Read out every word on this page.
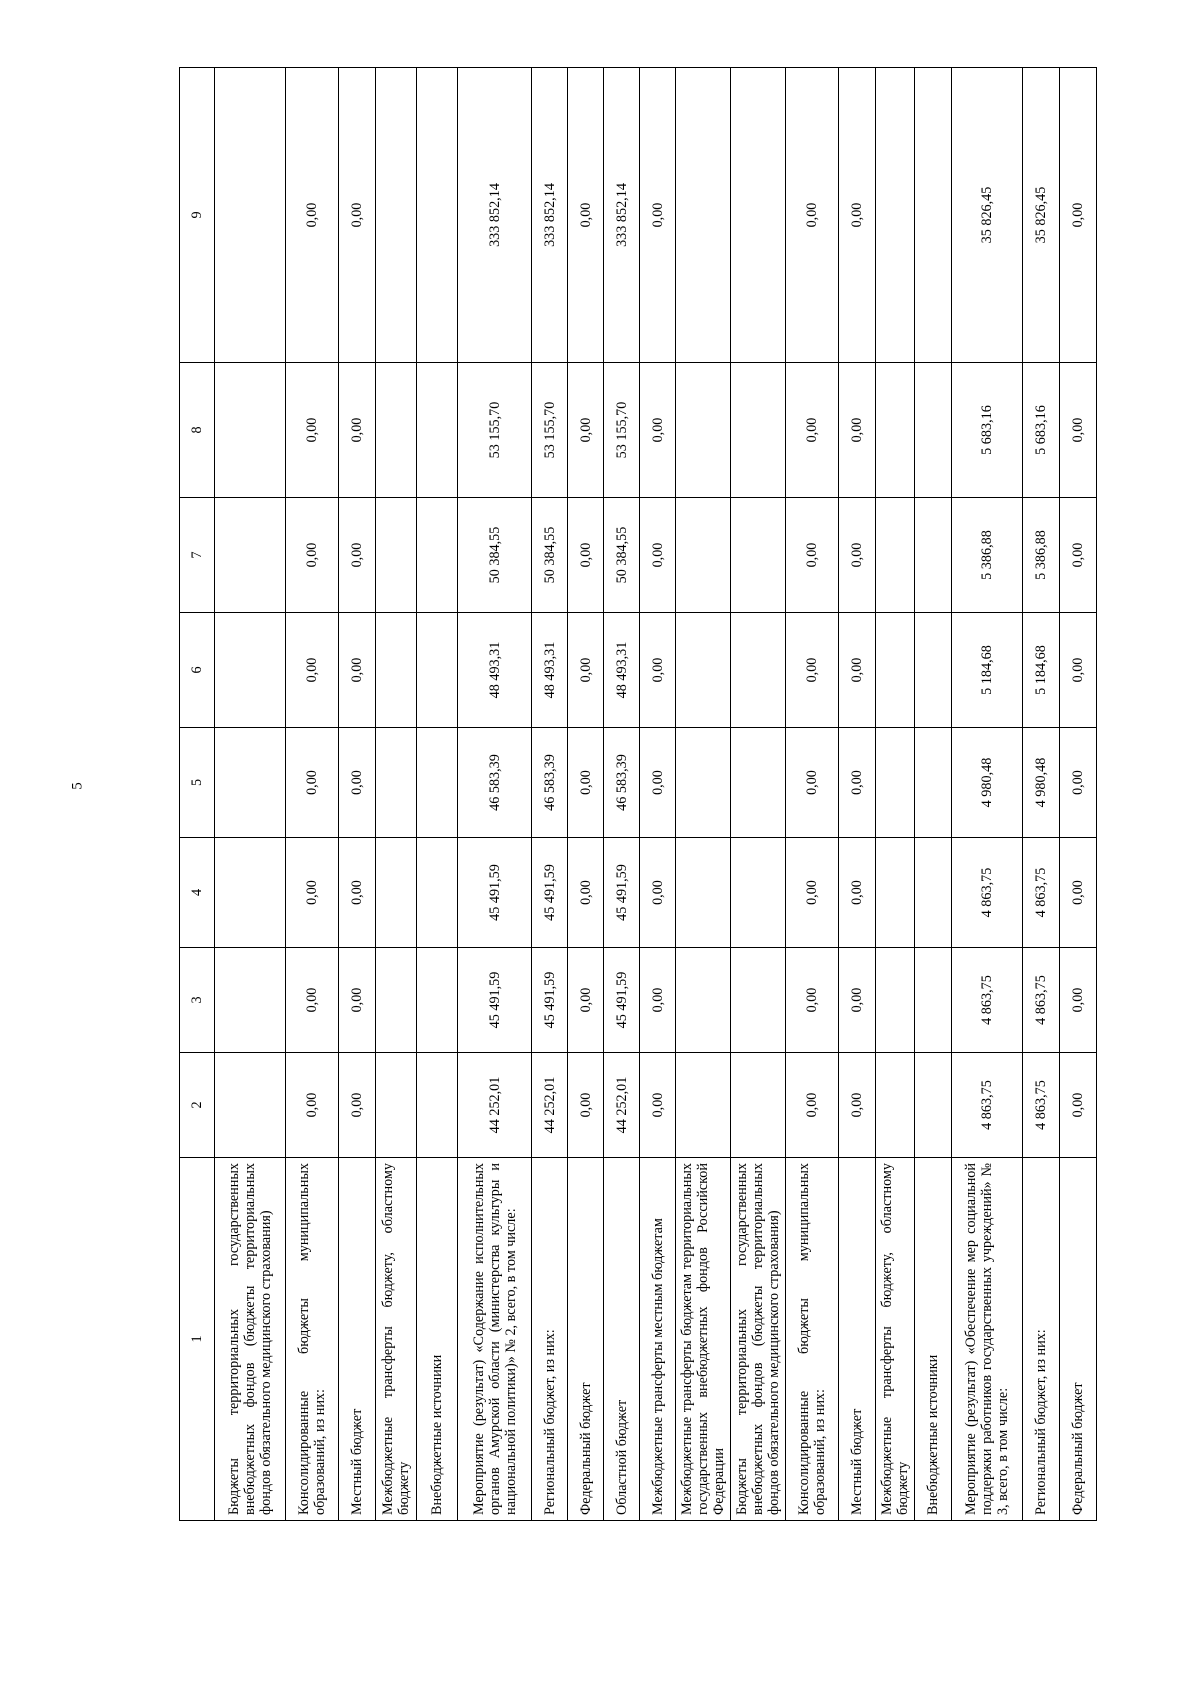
5
1	2	3	4	5	6	7	8	9
Бюджеты территориальных государственных внебюджетных фондов (бюджеты территориальных фондов обязательного медицинского страхования)								
Консолидированные бюджеты муниципальных образований, из них:	0,00	0,00	0,00	0,00	0,00	0,00	0,00	0,00
Местный бюджет	0,00	0,00	0,00	0,00	0,00	0,00	0,00	0,00
Межбюджетные трансферты бюджету, областному бюджету								
Внебюджетные источники								
Мероприятие (результат) «Содержание исполнительных органов Амурской области (министерства культуры и национальной политики)» № 2, всего, в том числе:	44 252,01	45 491,59	45 491,59	46 583,39	48 493,31	50 384,55	53 155,70	333 852,14
Региональный бюджет, из них:	44 252,01	45 491,59	45 491,59	46 583,39	48 493,31	50 384,55	53 155,70	333 852,14
Федеральный бюджет	0,00	0,00	0,00	0,00	0,00	0,00	0,00	0,00
Областной бюджет	44 252,01	45 491,59	45 491,59	46 583,39	48 493,31	50 384,55	53 155,70	333 852,14
Межбюджетные трансферты местным бюджетам	0,00	0,00	0,00	0,00	0,00	0,00	0,00	0,00
Межбюджетные трансферты бюджетам территориальных государственных внебюджетных фондов Российской Федерации								
Бюджеты территориальных государственных внебюджетных фондов (бюджеты территориальных фондов обязательного медицинского страхования)								
Консолидированные бюджеты муниципальных образований, из них:	0,00	0,00	0,00	0,00	0,00	0,00	0,00	0,00
Местный бюджет	0,00	0,00	0,00	0,00	0,00	0,00	0,00	0,00
Межбюджетные трансферты бюджету, областному бюджету								
Внебюджетные источники								
Мероприятие (результат) «Обеспечение мер социальной поддержки работников государственных учреждений» № 3, всего, в том числе:	4 863,75	4 863,75	4 863,75	4 980,48	5 184,68	5 386,88	5 683,16	35 826,45
Региональный бюджет, из них:	4 863,75	4 863,75	4 863,75	4 980,48	5 184,68	5 386,88	5 683,16	35 826,45
Федеральный бюджет	0,00	0,00	0,00	0,00	0,00	0,00	0,00	0,00
